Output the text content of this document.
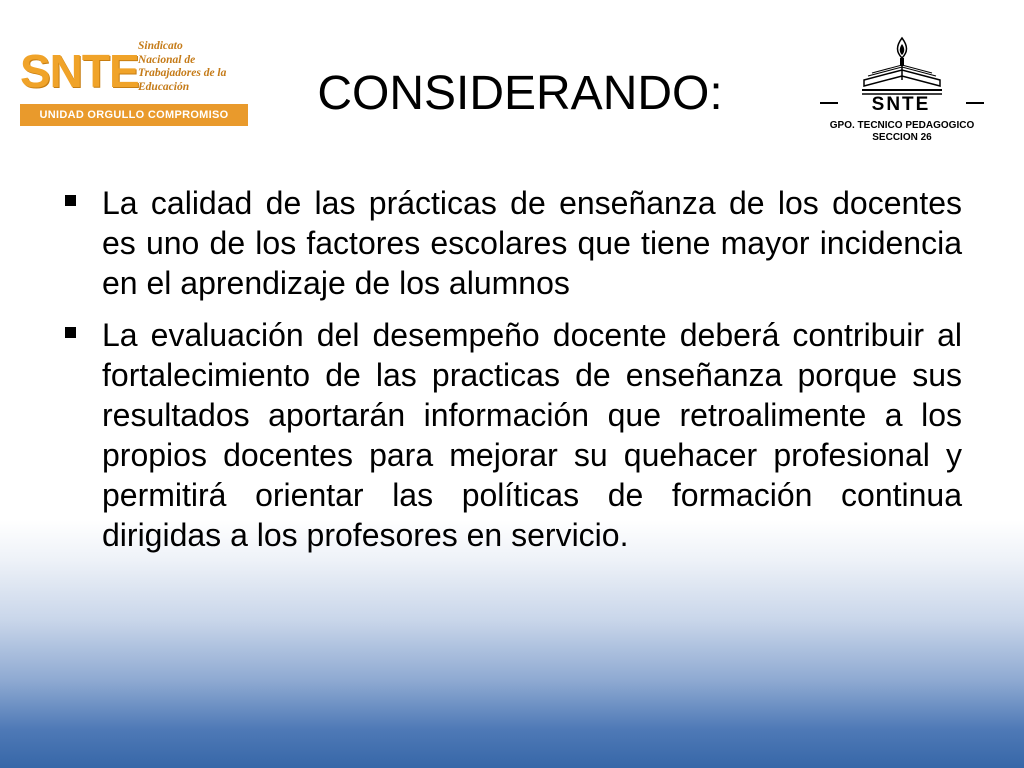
SNTE Sindicato
Nacional de
Trabajadores de la
Educación
UNIDAD ORGULLO COMPROMISO	CONSIDERANDO:	SNTE
GPO. TECNICO PEDAGOGICO
SECCION 26

La calidad de las prácticas de enseñanza de los docentes es uno de los factores escolares que tiene mayor incidencia en el aprendizaje de los alumnos

La evaluación del desempeño docente deberá contribuir al fortalecimiento de las practicas de enseñanza porque sus resultados aportarán información que retroalimente a los propios docentes para mejorar su quehacer profesional y permitirá orientar las políticas de formación continua dirigidas a los profesores en servicio.
